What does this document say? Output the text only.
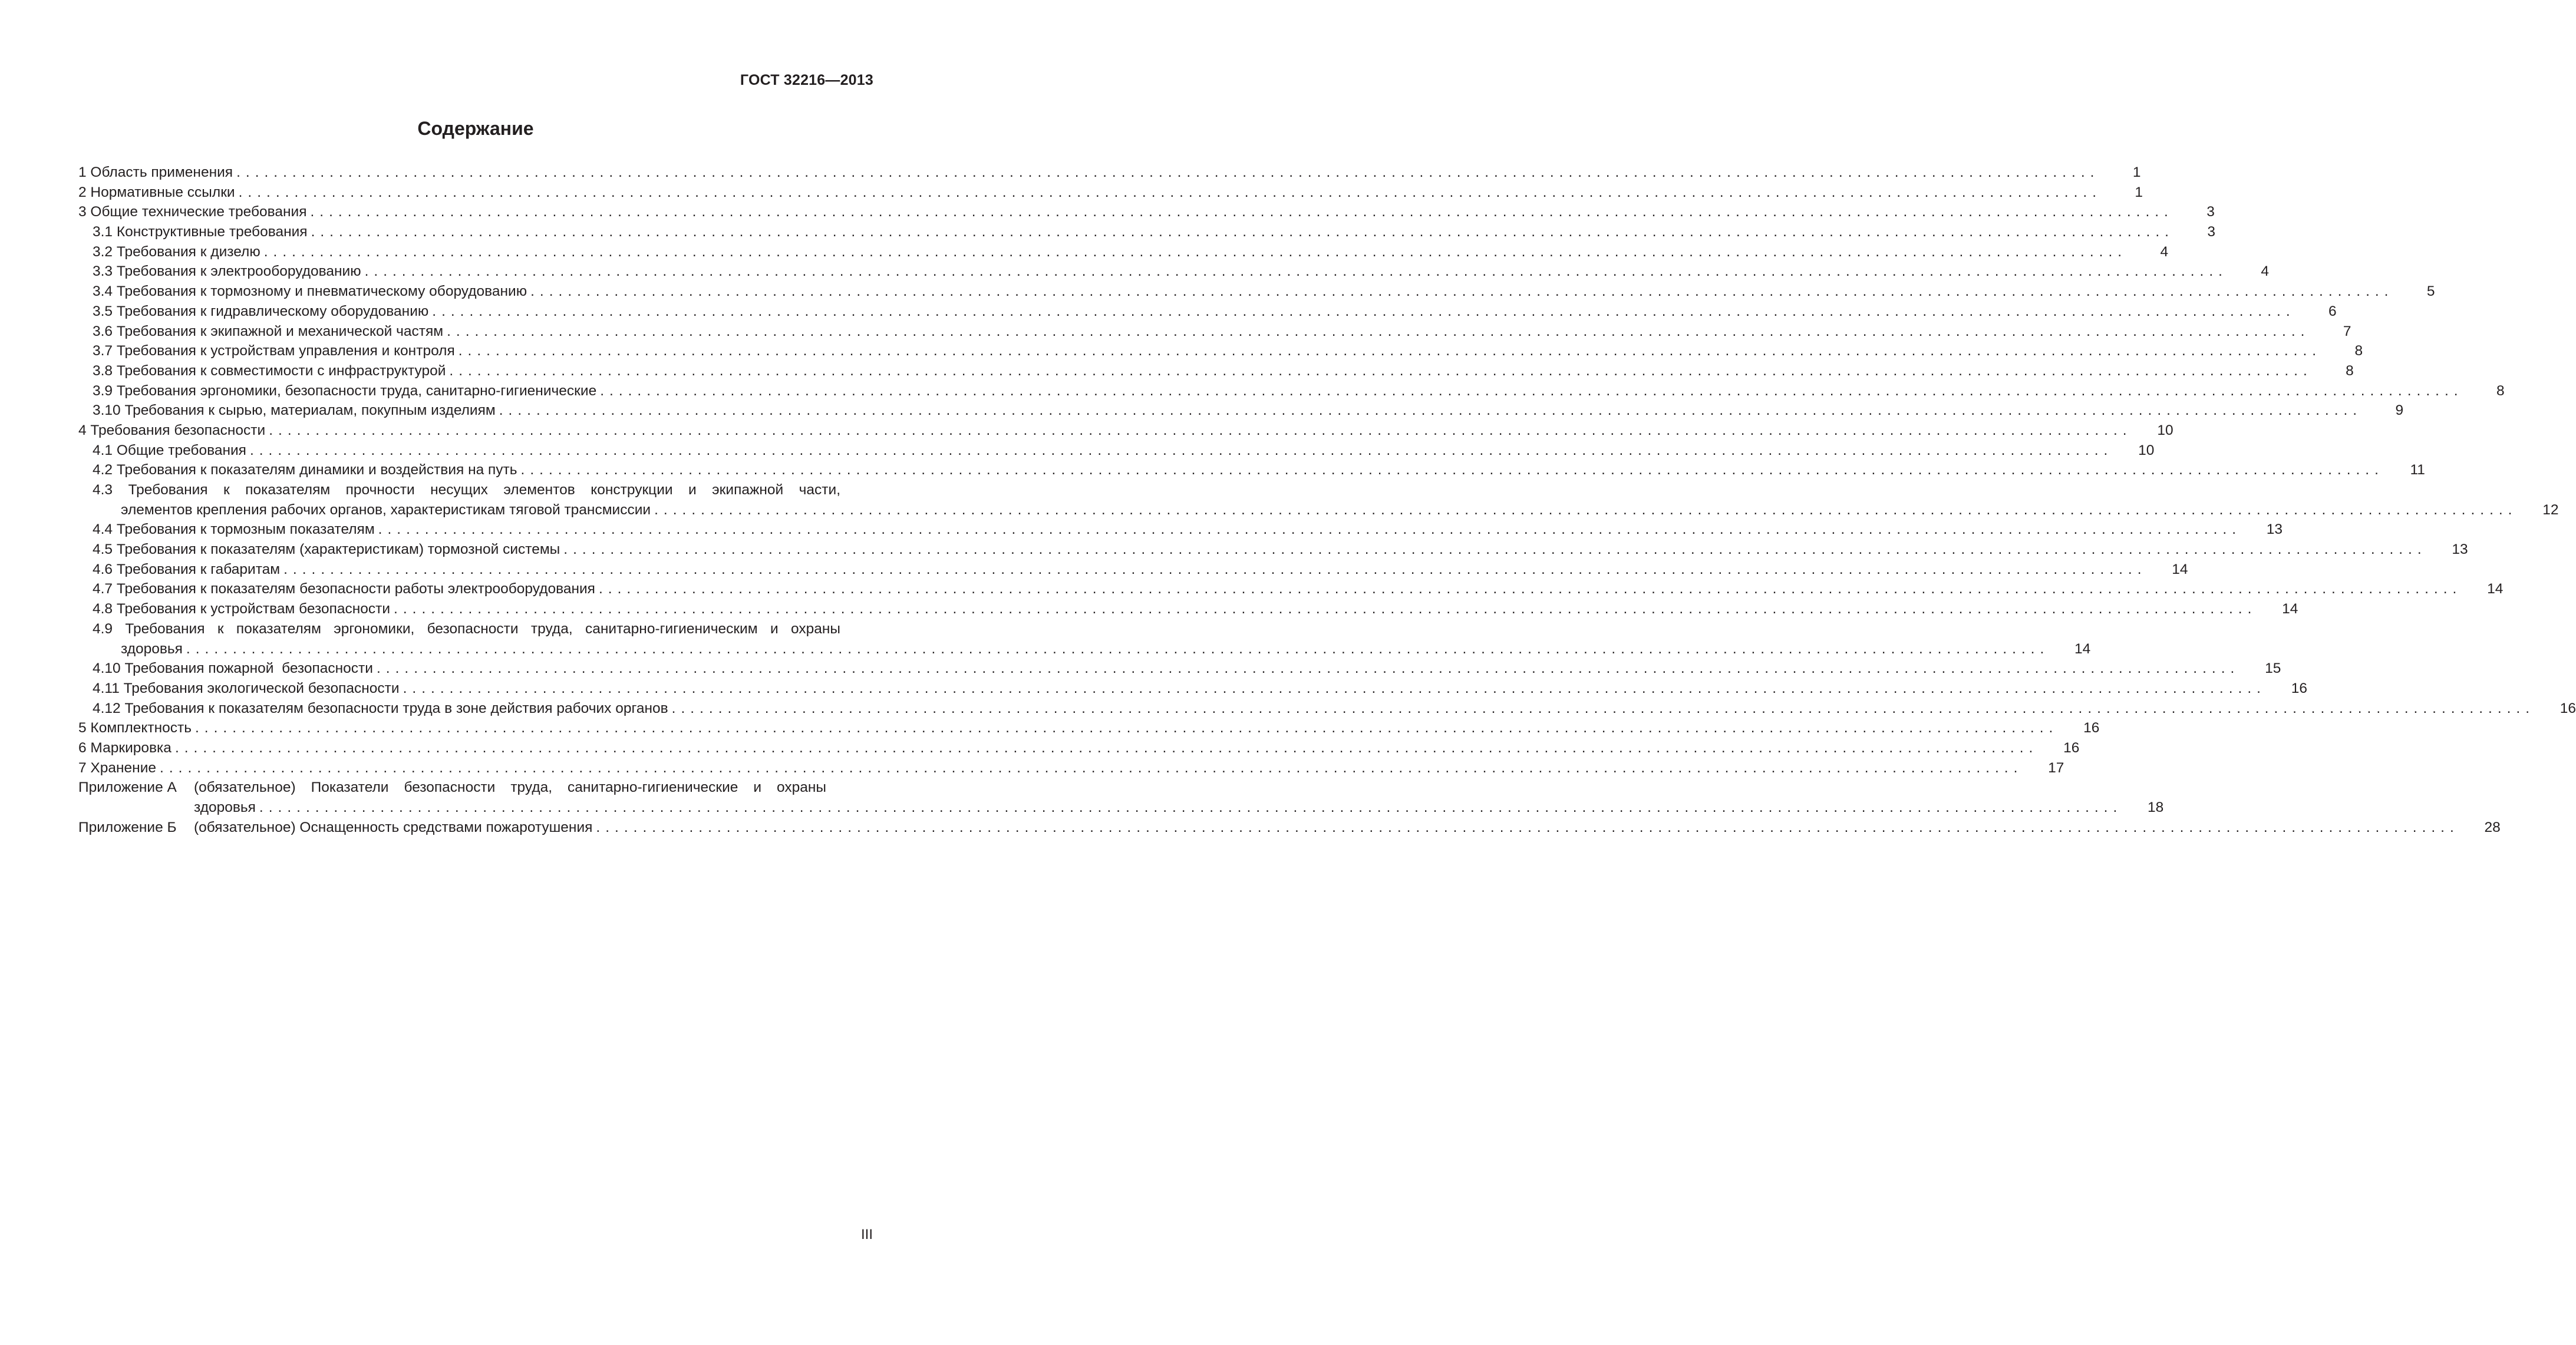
ГОСТ 32216—2013
Содержание
1 Область применения ........................................................................................................................................................................................................	1
2 Нормативные ссылки ........................................................................................................................................................................................................	1
3 Общие технические требования ........................................................................................................................................................................................................	3
3.1 Конструктивные требования ........................................................................................................................................................................................................	3
3.2 Требования к дизелю ........................................................................................................................................................................................................	4
3.3 Требования к электрооборудованию ........................................................................................................................................................................................................	4
3.4 Требования к тормозному и пневматическому оборудованию ........................................................................................................................................................................................................	5
3.5 Требования к гидравлическому оборудованию ........................................................................................................................................................................................................	6
3.6 Требования к экипажной и механической частям ........................................................................................................................................................................................................	7
3.7 Требования к устройствам управления и контроля ........................................................................................................................................................................................................	8
3.8 Требования к совместимости с инфраструктурой ........................................................................................................................................................................................................	8
3.9 Требования эргономики, безопасности труда, санитарно-гигиенические ........................................................................................................................................................................................................	8
3.10 Требования к сырью, материалам, покупным изделиям ........................................................................................................................................................................................................	9
4 Требования безопасности ........................................................................................................................................................................................................	10
4.1 Общие требования ........................................................................................................................................................................................................	10
4.2 Требования к показателям динамики и воздействия на путь ........................................................................................................................................................................................................	11
4.3 Требования к показателям прочности несущих элементов конструкции и экипажной части,
элементов крепления рабочих органов, характеристикам тяговой трансмиссии ........................................................................................................................................................................................................	12
4.4 Требования к тормозным показателям ........................................................................................................................................................................................................	13
4.5 Требования к показателям (характеристикам) тормозной системы ........................................................................................................................................................................................................	13
4.6 Требования к габаритам ........................................................................................................................................................................................................	14
4.7 Требования к показателям безопасности работы электрооборудования ........................................................................................................................................................................................................	14
4.8 Требования к устройствам безопасности ........................................................................................................................................................................................................	14
4.9 Требования к показателям эргономики, безопасности труда, санитарно-гигиеническим и охраны
здоровья ........................................................................................................................................................................................................	14
4.10 Требования пожарной  безопасности ........................................................................................................................................................................................................	15
4.11 Требования экологической безопасности ........................................................................................................................................................................................................	16
4.12 Требования к показателям безопасности труда в зоне действия рабочих органов ........................................................................................................................................................................................................	16
5 Комплектность ........................................................................................................................................................................................................	16
6 Маркировка ........................................................................................................................................................................................................	16
7 Хранение ........................................................................................................................................................................................................	17
Приложение А	(обязательное) Показатели безопасности труда, санитарно-гигиенические и охраны
здоровья ........................................................................................................................................................................................................	18
Приложение Б	(обязательное) Оснащенность средствами пожаротушения ........................................................................................................................................................................................................	28
III
